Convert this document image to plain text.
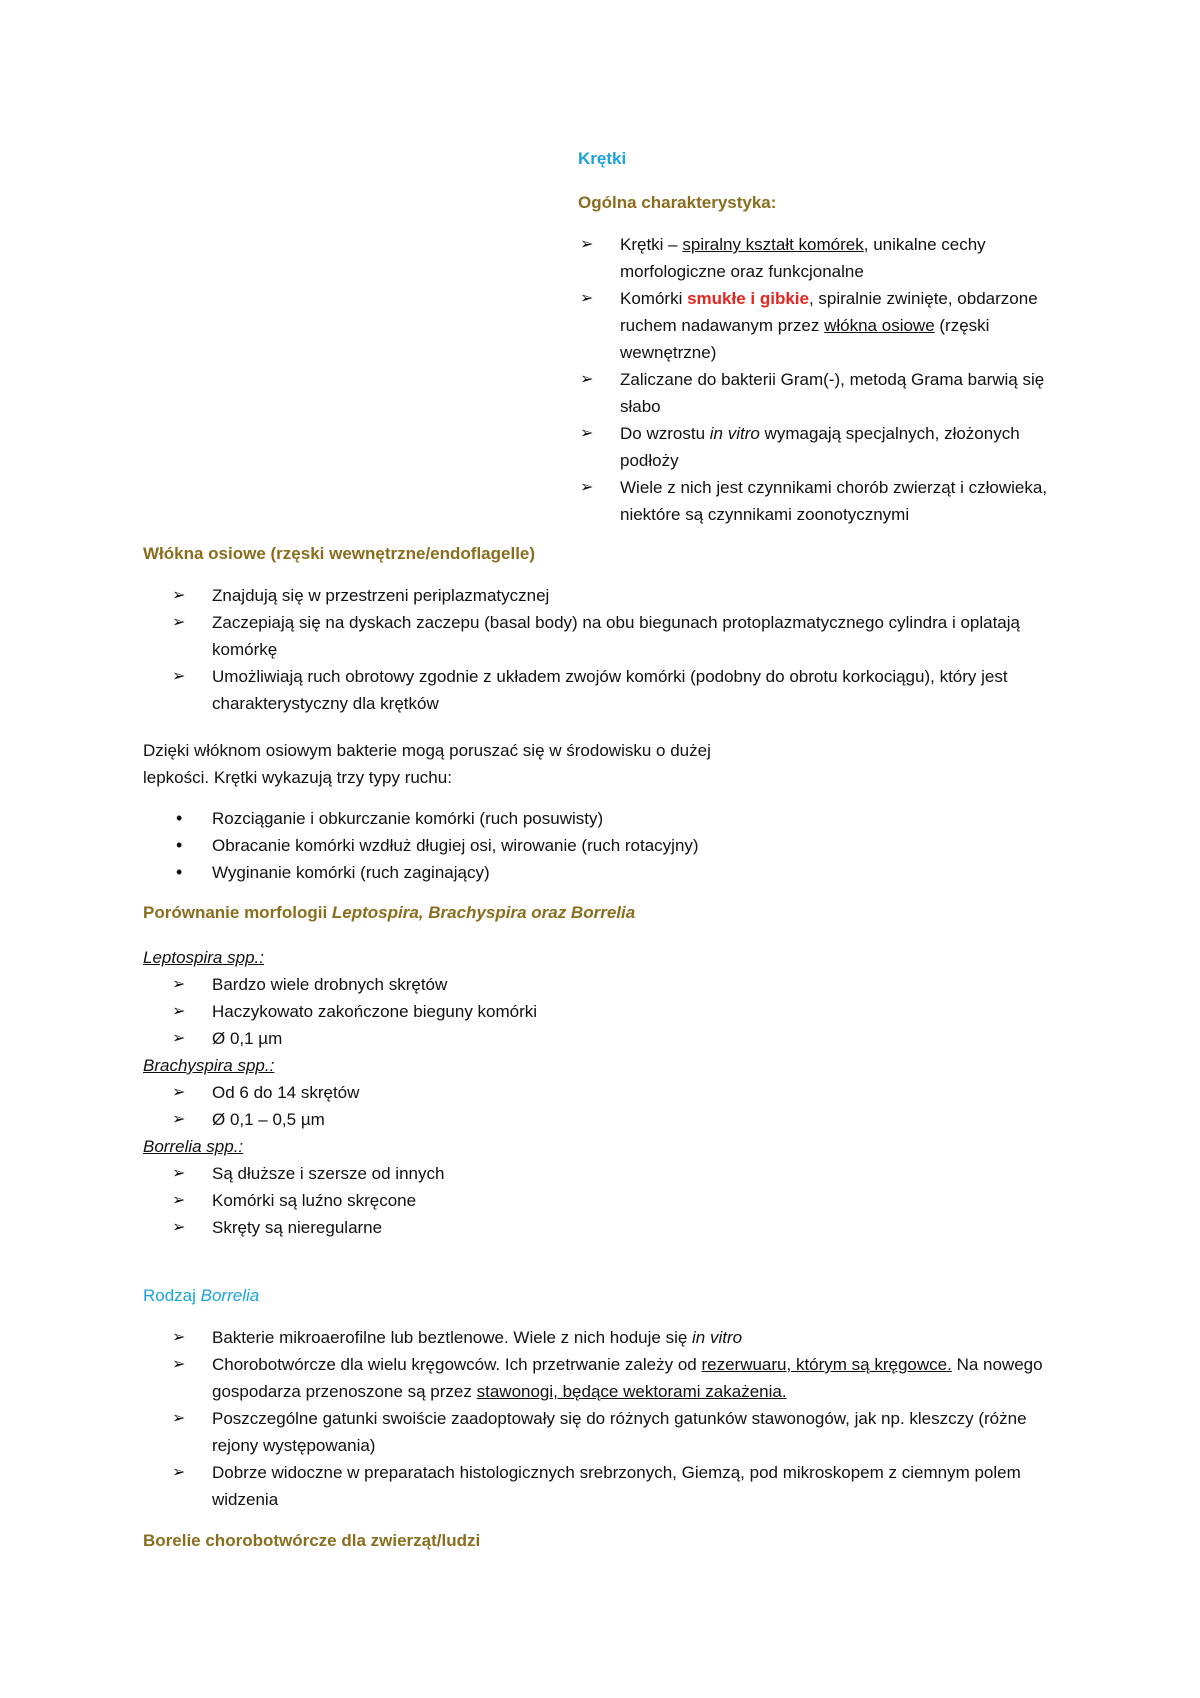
Krętki
Ogólna charakterystyka:
➢ Krętki – spiralny kształt komórek, unikalne cechy morfologiczne oraz funkcjonalne
➢ Komórki smukłe i gibkie, spiralnie zwinięte, obdarzone ruchem nadawanym przez włókna osiowe (rzęski wewnętrzne)
➢ Zaliczane do bakterii Gram(-), metodą Grama barwią się słabo
➢ Do wzrostu in vitro wymagają specjalnych, złożonych podłoży
➢ Wiele z nich jest czynnikami chorób zwierząt i człowieka, niektóre są czynnikami zoonotycznymi
Włókna osiowe (rzęski wewnętrzne/endoflagelle)
➢ Znajdują się w przestrzeni periplazmatycznej
➢ Zaczepiają się na dyskach zaczepu (basal body) na obu biegunach protoplazmatycznego cylindra i oplatają komórkę
➢ Umożliwiają ruch obrotowy zgodnie z układem zwojów komórki (podobny do obrotu korkociągu), który jest charakterystyczny dla krętków
Dzięki włóknom osiowym bakterie mogą poruszać się w środowisku o dużej
lepkości. Krętki wykazują trzy typy ruchu:
• Rozciąganie i obkurczanie komórki (ruch posuwisty)
• Obracanie komórki wzdłuż długiej osi, wirowanie (ruch rotacyjny)
• Wyginanie komórki (ruch zaginający)
Porównanie morfologii Leptospira, Brachyspira oraz Borrelia
Leptospira spp.:
➢ Bardzo wiele drobnych skrętów
➢ Haczykowato zakończone bieguny komórki
➢ Ø 0,1 µm
Brachyspira spp.:
➢ Od 6 do 14 skrętów
➢ Ø 0,1 – 0,5 µm
Borrelia spp.:
➢ Są dłuższe i szersze od innych
➢ Komórki są luźno skręcone
➢ Skręty są nieregularne
Rodzaj Borrelia
➢ Bakterie mikroaerofilne lub beztlenowe. Wiele z nich hoduje się in vitro
➢ Chorobotwórcze dla wielu kręgowców. Ich przetrwanie zależy od rezerwuaru, którym są kręgowce. Na nowego gospodarza przenoszone są przez stawonogi, będące wektorami zakażenia.
➢ Poszczególne gatunki swoiście zaadoptowały się do różnych gatunków stawonogów, jak np. kleszczy (różne rejony występowania)
➢ Dobrze widoczne w preparatach histologicznych srebrzonych, Giemzą, pod mikroskopem z ciemnym polem widzenia
Borelie chorobotwórcze dla zwierząt/ludzi
